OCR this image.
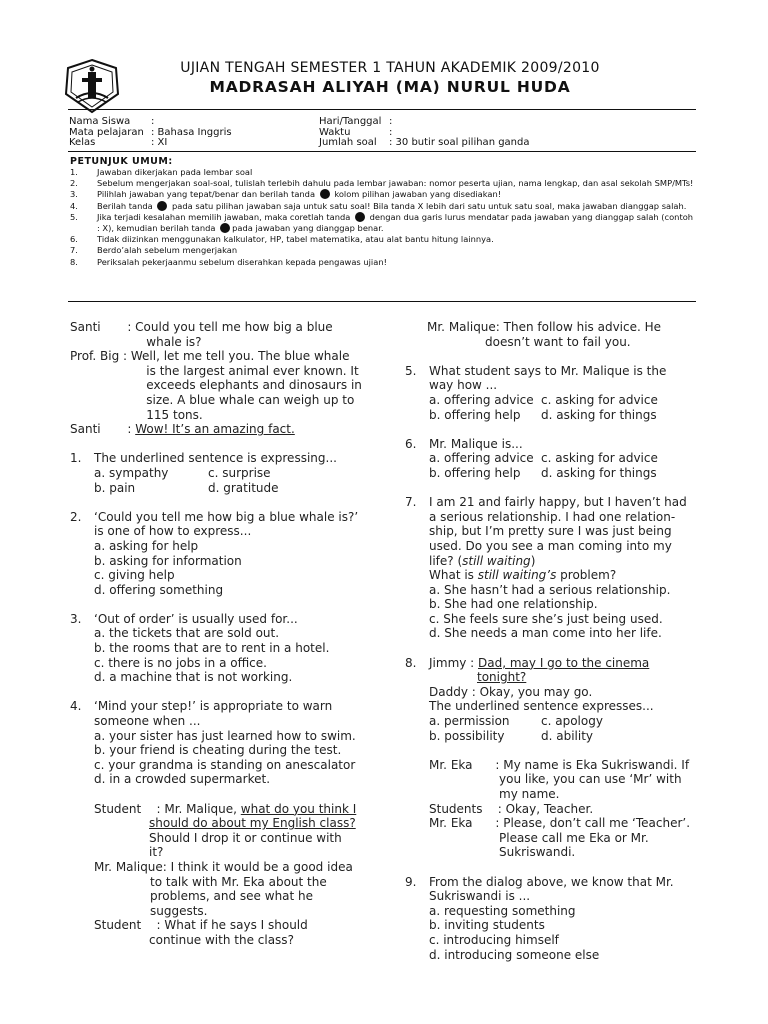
UJIAN TENGAH SEMESTER 1 TAHUN AKADEMIK 2009/2010
MADRASAH ALIYAH (MA) NURUL HUDA
Nama Siswa :
Mata pelajaran : Bahasa Inggris
Kelas	: XI
Hari/Tanggal :
Waktu	:
Jumlah soal : 30 butir soal pilihan ganda
PETUNJUK UMUM:
1. Jawaban dikerjakan pada lembar soal
2. Sebelum mengerjakan soal-soal, tulislah terlebih dahulu pada lembar jawaban: nomor peserta ujian, nama lengkap, dan asal sekolah SMP/MTs!
3. Pilihlah jawaban yang tepat/benar dan berilah tanda kolom pilihan jawaban yang disediakan!
4. Berilah tanda pada satu pilihan jawaban saja untuk satu soal! Bila tanda X lebih dari satu untuk satu soal, maka jawaban dianggap salah.
5. Jika terjadi kesalahan memilih jawaban, maka coretlah tanda dengan dua garis lurus mendatar pada jawaban yang dianggap salah (contoh : X), kemudian berilah tanda pada jawaban yang dianggap benar.
6. Tidak diizinkan menggunakan kalkulator, HP, tabel matematika, atau alat bantu hitung lainnya.
7. Berdo’alah sebelum mengerjakan
8. Periksalah pekerjaanmu sebelum diserahkan kepada pengawas ujian!
Santi       : Could you tell me how big a blue
whale is?
Prof. Big : Well, let me tell you. The blue whale
is the largest animal ever known. It
exceeds elephants and dinosaurs in
size. A blue whale can weigh up to
115 tons.
Santi       : Wow! It’s an amazing fact.
1. The underlined sentence is expressing...
a. sympathy	c. surprise
b. pain	d. gratitude
2. ‘Could you tell me how big a blue whale is?’
is one of how to express...
a. asking for help
b. asking for information
c. giving help
d. offering something
3. ‘Out of order’ is usually used for...
a. the tickets that are sold out.
b. the rooms that are to rent in a hotel.
c. there is no jobs in a office.
d. a machine that is not working.
4. ‘Mind your step!’ is appropriate to warn
someone when ...
a. your sister has just learned how to swim.
b. your friend is cheating during the test.
c. your grandma is standing on anescalator
d. in a crowded supermarket.
Student    : Mr. Malique, what do you think I
should do about my English class?
Should I drop it or continue with
it?
Mr. Malique: I think it would be a good idea
to talk with Mr. Eka about the
problems, and see what he
suggests.
Student    : What if he says I should
continue with the class?
Mr. Malique: Then follow his advice. He
doesn’t want to fail you.
5. What student says to Mr. Malique is the
way how ...
a. offering advice c. asking for advice
b. offering help d. asking for things
6. Mr. Malique is...
a. offering advice c. asking for advice
b. offering help d. asking for things
7. I am 21 and fairly happy, but I haven’t had
a serious relationship. I had one relation-
ship, but I’m pretty sure I was just being
used. Do you see a man coming into my
life? (still waiting)
What is still waiting’s problem?
a. She hasn’t had a serious relationship.
b. She had one relationship.
c. She feels sure she’s just being used.
d. She needs a man come into her life.
8. Jimmy : Dad, may I go to the cinema
tonight?
Daddy : Okay, you may go.
The underlined sentence expresses...
a. permission	c. apology
b. possibility	d. ability
Mr. Eka      : My name is Eka Sukriswandi. If
you like, you can use ‘Mr’ with
my name.
Students    : Okay, Teacher.
Mr. Eka      : Please, don’t call me ‘Teacher’.
Please call me Eka or Mr.
Sukriswandi.
9. From the dialog above, we know that Mr.
Sukriswandi is ...
a. requesting something
b. inviting students
c. introducing himself
d. introducing someone else
